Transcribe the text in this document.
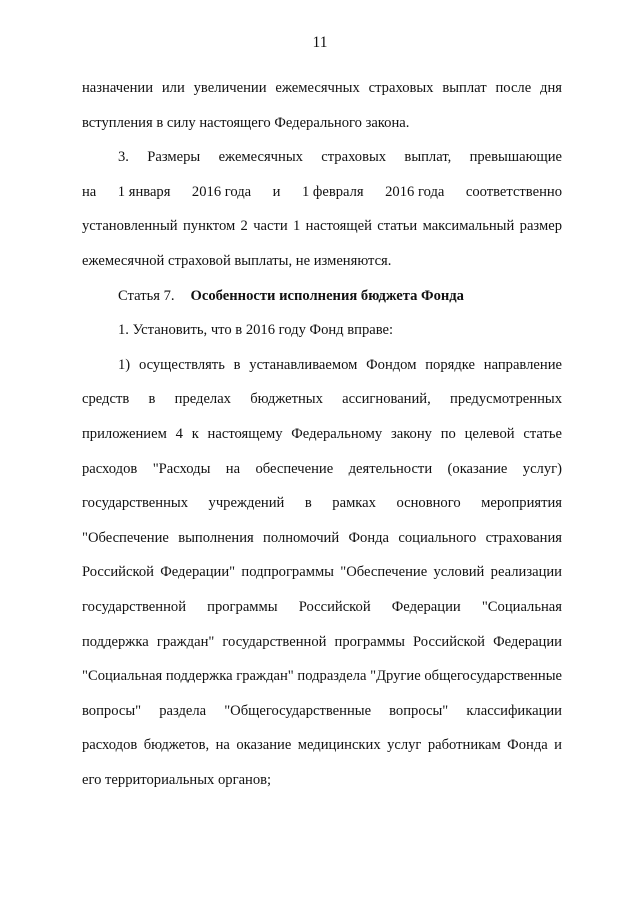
11

назначении или увеличении ежемесячных страховых выплат после дня вступления в силу настоящего Федерального закона.

3. Размеры ежемесячных страховых выплат, превышающие

на 1 января 2016 года и 1 февраля 2016 года соответственно

установленный пунктом 2 части 1 настоящей статьи максимальный размер ежемесячной страховой выплаты, не изменяются.

Статья 7. Особенности исполнения бюджета Фонда

1. Установить, что в 2016 году Фонд вправе:

1) осуществлять в устанавливаемом Фондом порядке направление средств в пределах бюджетных ассигнований, предусмотренных приложением 4 к настоящему Федеральному закону по целевой статье расходов "Расходы на обеспечение деятельности (оказание услуг) государственных учреждений в рамках основного мероприятия "Обеспечение выполнения полномочий Фонда социального страхования Российской Федерации" подпрограммы "Обеспечение условий реализации государственной программы Российской Федерации "Социальная поддержка граждан" государственной программы Российской Федерации "Социальная поддержка граждан" подраздела "Другие общегосударственные вопросы" раздела "Общегосударственные вопросы" классификации расходов бюджетов, на оказание медицинских услуг работникам Фонда и его территориальных органов;
